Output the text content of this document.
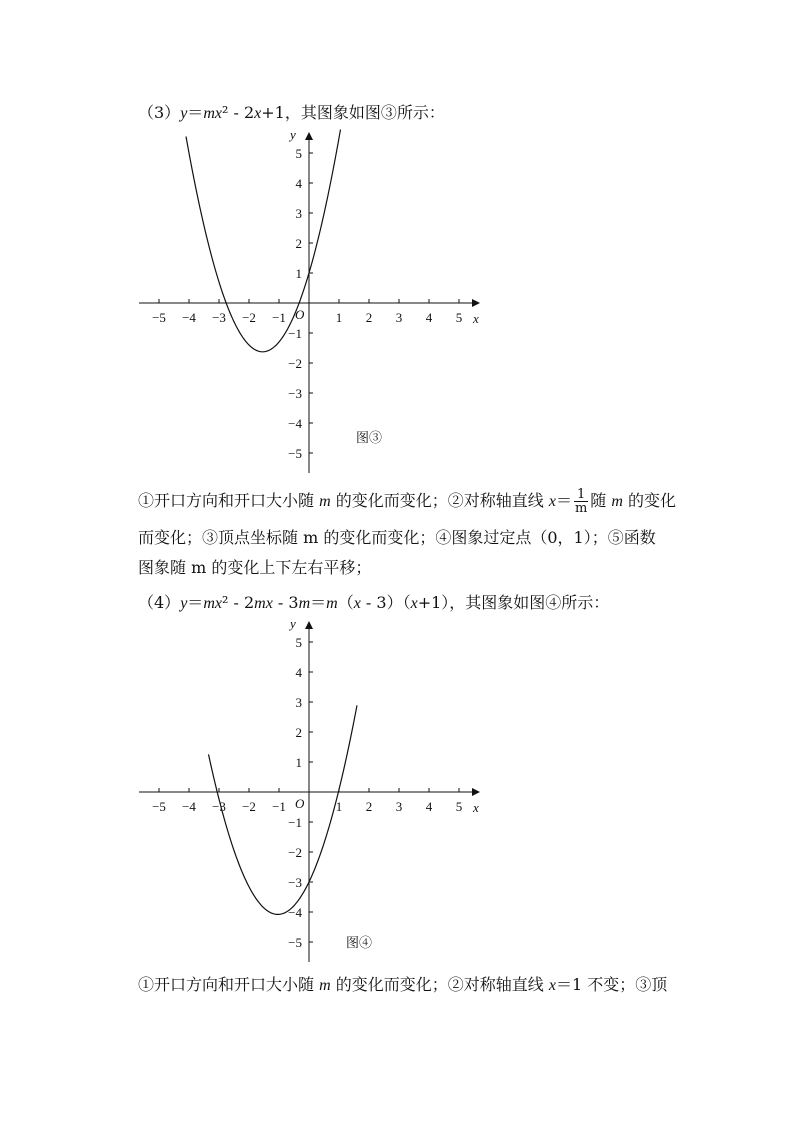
（3）y＝mx² - 2x+1，其图象如图③所示：
−5 −4 −3 −2 −1	1 2 3 4 5
1
2
3
4
5
−1
−2
−3
−4
−5
x
y
O
图③
−5 −4 −3 −2 −1	1 2 3 4 5
1
2
3
4
5
−1
−2
−3
−4
−5
x
y
O
图④
①开口方向和开口大小随 m 的变化而变化；②对称轴直线 $x= \frac{1}{m}$ 随 m 的变化
而变化；③顶点坐标随 m 的变化而变化；④图象过定点（0，1）；⑤函数
图象随 m 的变化上下左右平移；
（4）y＝mx² - 2mx - 3m＝m（x - 3）（x+1），其图象如图④所示：
①开口方向和开口大小随 m 的变化而变化；②对称轴直线 x＝1 不变；③顶
